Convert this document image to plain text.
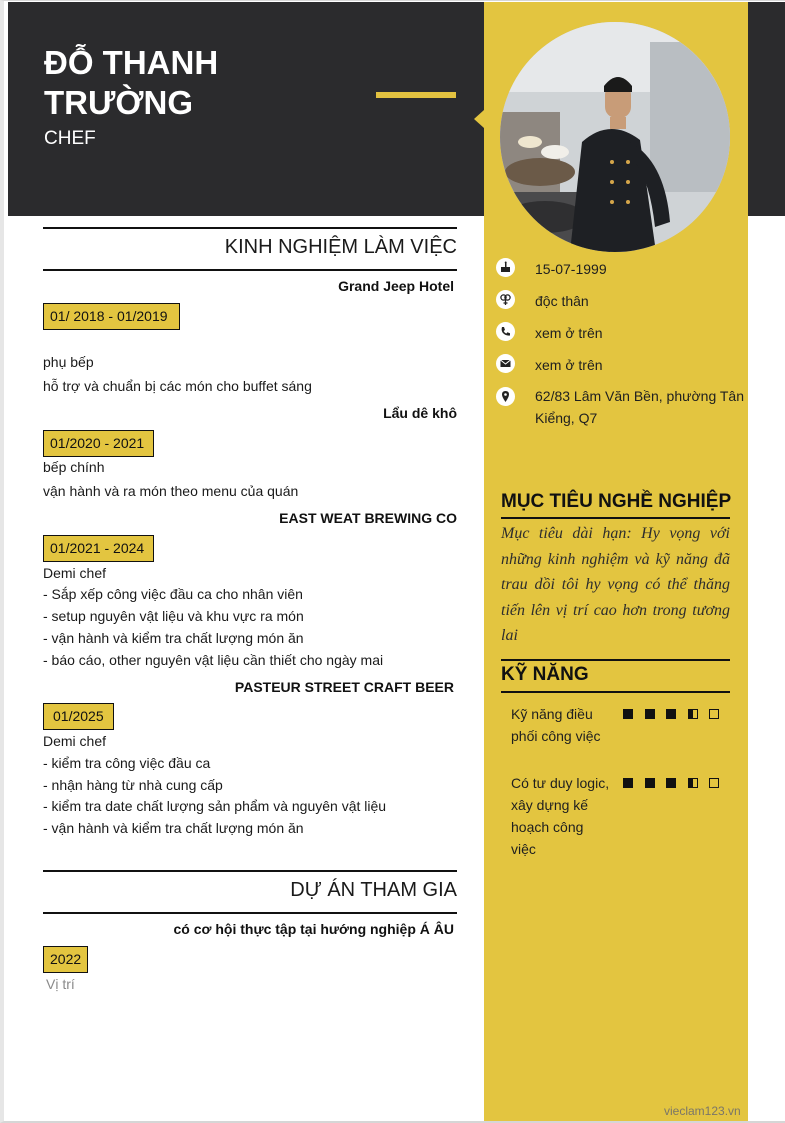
ĐỖ THANH
TRƯỜNG
CHEF
15-07-1999
độc thân
xem ở trên
xem ở trên
62/83 Lâm Văn Bền, phường Tân Kiểng, Q7
MỤC TIÊU NGHỀ NGHIỆP
Mục tiêu dài hạn: Hy vọng với những kinh nghiệm và kỹ năng đã trau dồi tôi hy vọng có thể thăng tiến lên vị trí cao hơn trong tương lai
KỸ NĂNG
Kỹ năng điều phối công việc
Có tư duy logic, xây dựng kế hoạch công việc
vieclam123.vn
KINH NGHIỆM LÀM VIỆC
Grand Jeep Hotel
01/ 2018 - 01/2019
phụ bếp
hỗ trợ và chuẩn bị các món cho buffet sáng
Lẩu dê khô
01/2020 - 2021
bếp chính
vận hành và ra món theo menu của quán
EAST WEAT BREWING CO
01/2021 - 2024
Demi chef
- Sắp xếp công việc đầu ca cho nhân viên
- setup nguyên vật liệu và khu vực ra món
- vận hành và kiểm tra chất lượng món ăn
- báo cáo, other nguyên vật liệu cần thiết cho ngày mai
PASTEUR STREET CRAFT BEER
01/2025
Demi chef
- kiểm tra công việc đầu ca
- nhận hàng từ nhà cung cấp
- kiểm tra date chất lượng sản phẩm và nguyên vật liệu
- vận hành và kiểm tra chất lượng món ăn
DỰ ÁN THAM GIA
có cơ hội thực tập tại hướng nghiệp Á ÂU
2022
Vị trí
